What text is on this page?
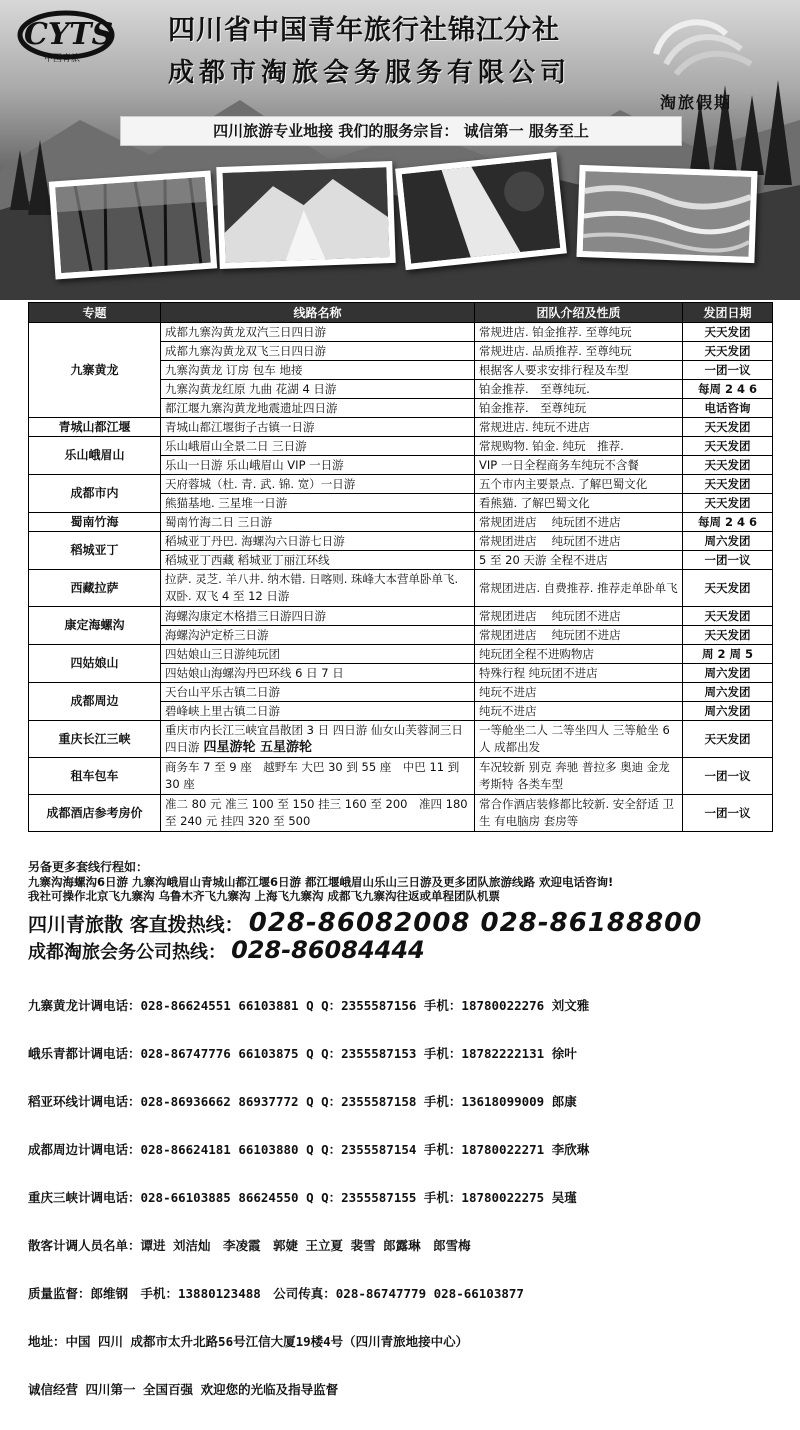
CYTS
中国青旅
四川省中国青年旅行社锦江分社
成都市淘旅会务服务有限公司
淘旅假期
四川旅游专业地接 我们的服务宗旨： 诚信第一 服务至上
专题	线路名称	团队介绍及性质	发团日期
九寨黄龙	成都九寨沟黄龙双汽三日四日游	常规进店. 铂金推荐. 至尊纯玩	天天发团
	成都九寨沟黄龙双飞三日四日游	常规进店. 品质推荐. 至尊纯玩	天天发团
	九寨沟黄龙 订房 包车 地接	根据客人要求安排行程及车型	一团一议
	九寨沟黄龙红原 九曲 花湖 4 日游	铂金推荐.　至尊纯玩.	每周 2 4 6
	都江堰九寨沟黄龙地震遗址四日游	铂金推荐.　至尊纯玩	电话咨询
青城山都江堰	青城山都江堰街子古镇一日游	常规进店. 纯玩不进店	天天发团
乐山峨眉山	乐山峨眉山全景二日 三日游	常规购物. 铂金. 纯玩　推荐.	天天发团
	乐山一日游 乐山峨眉山 VIP 一日游	VIP 一日全程商务车纯玩不含餐	天天发团
成都市内	天府蓉城（杜. 青. 武. 锦. 宽）一日游	五个市内主要景点. 了解巴蜀文化	天天发团
	熊猫基地. 三星堆一日游	看熊猫. 了解巴蜀文化	天天发团
蜀南竹海	蜀南竹海二日 三日游	常规团进店　 纯玩团不进店	每周 2 4 6
稻城亚丁	稻城亚丁丹巴. 海螺沟六日游七日游	常规团进店　 纯玩团不进店	周六发团
	稻城亚丁西藏 稻城亚丁丽江环线	5 至 20 天游 全程不进店	一团一议
西藏拉萨	拉萨. 灵芝. 羊八井. 纳木错. 日喀则. 珠峰大本营单卧单飞. 双卧. 双飞 4 至 12 日游	常规团进店. 自费推荐. 推荐走单卧单飞	天天发团
康定海螺沟	海螺沟康定木格措三日游四日游	常规团进店　 纯玩团不进店	天天发团
	海螺沟泸定桥三日游	常规团进店　 纯玩团不进店	天天发团
四姑娘山	四姑娘山三日游纯玩团	纯玩团全程不进购物店	周 2 周 5
	四姑娘山海螺沟丹巴环线 6 日 7 日	特殊行程 纯玩团不进店	周六发团
成都周边	天台山平乐古镇二日游	纯玩不进店	周六发团
	碧峰峡上里古镇二日游	纯玩不进店	周六发团
重庆长江三峡	重庆市内长江三峡宜昌散团 3 日 四日游 仙女山芙蓉洞三日 四日游 四星游轮 五星游轮	一等舱坐二人 二等坐四人 三等舱坐 6 人 成都出发	天天发团
租车包车	商务车 7 至 9 座　越野车 大巴 30 到 55 座　中巴 11 到 30 座	车况较新 别克 奔驰 普拉多 奥迪 金龙 考斯特 各类车型	一团一议
成都酒店参考房价	准二 80 元 准三 100 至 150 挂三 160 至 200　准四 180 至 240 元 挂四 320 至 500	常合作酒店装修都比较新. 安全舒适 卫生 有电脑房 套房等	一团一议
另备更多套线行程如：
九寨沟海螺沟6日游 九寨沟峨眉山青城山都江堰6日游 都江堰峨眉山乐山三日游及更多团队旅游线路 欢迎电话咨询!
我社可操作北京飞九寨沟 乌鲁木齐飞九寨沟 上海飞九寨沟 成都飞九寨沟往返或单程团队机票
四川青旅散 客直拨热线： 028-86082008 028-86188800
成都淘旅会务公司热线： 028-86084444

九寨黄龙计调电话：028-86624551 66103881 Q Q：2355587156 手机：18780022276 刘文雅

峨乐青都计调电话：028-86747776 66103875 Q Q：2355587153 手机：18782222131 徐叶

稻亚环线计调电话：028-86936662 86937772 Q Q：2355587158 手机：13618099009 郎康

成都周边计调电话：028-86624181 66103880 Q Q：2355587154 手机：18780022271 李欣琳

重庆三峡计调电话：028-66103885 86624550 Q Q：2355587155 手机：18780022275 吴瑾

散客计调人员名单：谭进 刘洁灿　李凌霞　郭婕 王立夏 裴雪 郎露琳　郎雪梅

质量监督：郎维钢　手机：13880123488　公司传真：028-86747779 028-66103877

地址：中国 四川 成都市太升北路56号江信大厦19楼4号（四川青旅地接中心）

诚信经营 四川第一 全国百强 欢迎您的光临及指导监督
